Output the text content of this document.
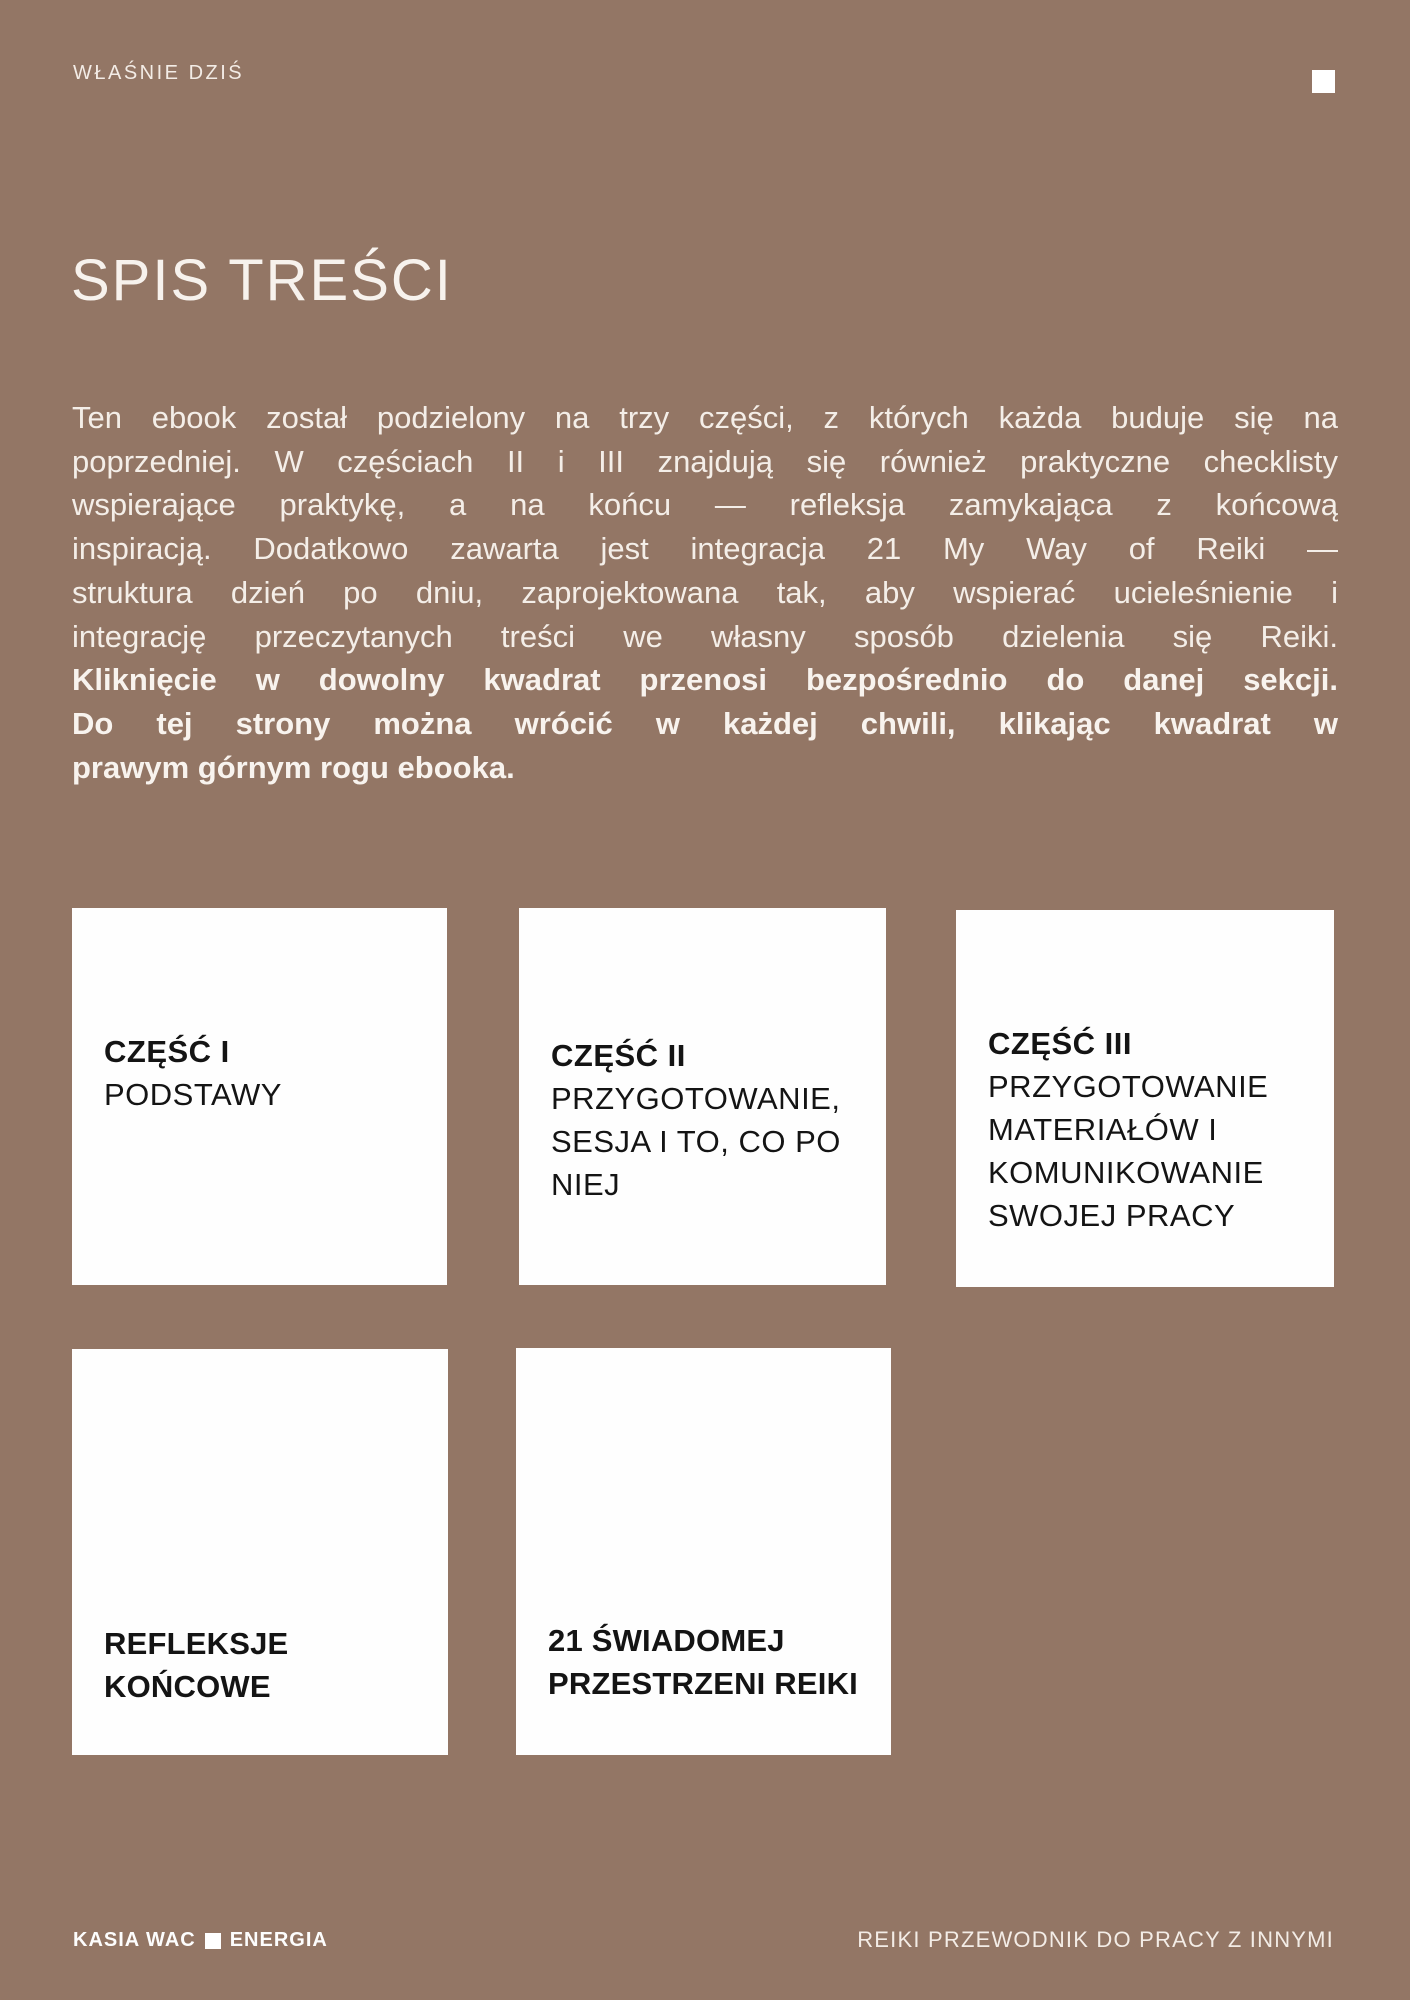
WŁAŚNIE DZIŚ
SPIS TREŚCI
Ten ebook został podzielony na trzy części, z których każda buduje się na
poprzedniej. W częściach II i III znajdują się również praktyczne checklisty
wspierające praktykę, a na końcu — refleksja zamykająca z końcową
inspiracją. Dodatkowo zawarta jest integracja 21 My Way of Reiki —
struktura dzień po dniu, zaprojektowana tak, aby wspierać ucieleśnienie i
integrację przeczytanych treści we własny sposób dzielenia się Reiki.
Kliknięcie w dowolny kwadrat przenosi bezpośrednio do danej sekcji.
Do tej strony można wrócić w każdej chwili, klikając kwadrat w
prawym górnym rogu ebooka.
CZĘŚĆ I
PODSTAWY
CZĘŚĆ II
PRZYGOTOWANIE,
SESJA I TO, CO PO
NIEJ
CZĘŚĆ III
PRZYGOTOWANIE
MATERIAŁÓW I
KOMUNIKOWANIE
SWOJEJ PRACY
REFLEKSJE
KOŃCOWE
21 ŚWIADOMEJ
PRZESTRZENI REIKI
KASIA WAC ENERGIA	REIKI PRZEWODNIK DO PRACY Z INNYMI
